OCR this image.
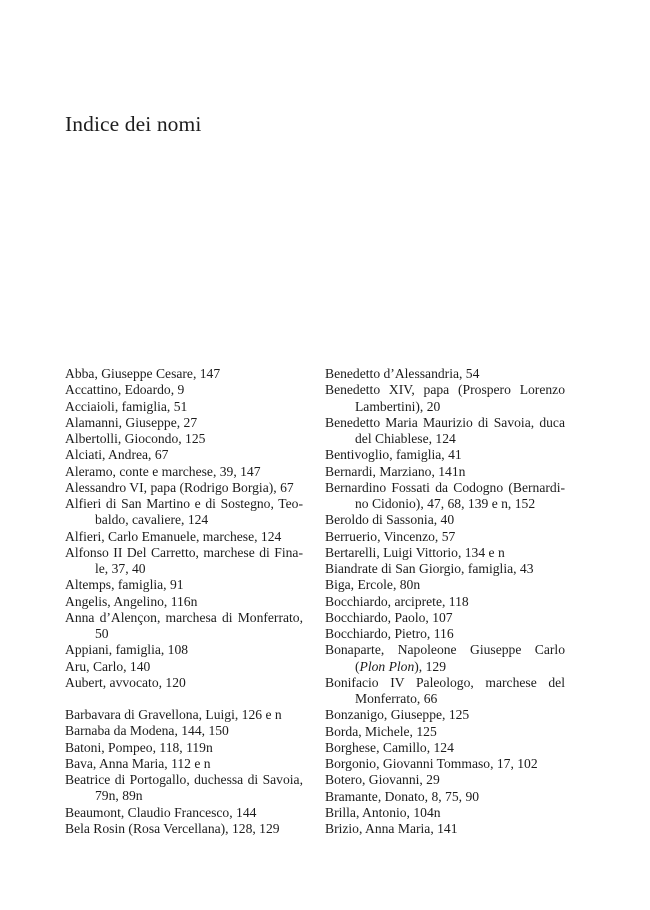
Indice dei nomi
Abba, Giuseppe Cesare, 147
Accattino, Edoardo, 9
Acciaioli, famiglia, 51
Alamanni, Giuseppe, 27
Albertolli, Giocondo, 125
Alciati, Andrea, 67
Aleramo, conte e marchese, 39, 147
Alessandro VI, papa (Rodrigo Borgia), 67
Alfieri di San Martino e di Sostegno, Teo-baldo, cavaliere, 124
Alfieri, Carlo Emanuele, marchese, 124
Alfonso II Del Carretto, marchese di Fina-le, 37, 40
Altemps, famiglia, 91
Angelis, Angelino, 116n
Anna d’Alençon, marchesa di Monferrato, 50
Appiani, famiglia, 108
Aru, Carlo, 140
Aubert, avvocato, 120
Barbavara di Gravellona, Luigi, 126 e n
Barnaba da Modena, 144, 150
Batoni, Pompeo, 118, 119n
Bava, Anna Maria, 112 e n
Beatrice di Portogallo, duchessa di Savoia, 79n, 89n
Beaumont, Claudio Francesco, 144
Bela Rosin (Rosa Vercellana), 128, 129
Benedetto d’Alessandria, 54
Benedetto XIV, papa (Prospero Lorenzo Lambertini), 20
Benedetto Maria Maurizio di Savoia, duca del Chiablese, 124
Bentivoglio, famiglia, 41
Bernardi, Marziano, 141n
Bernardino Fossati da Codogno (Bernardi-no Cidonio), 47, 68, 139 e n, 152
Beroldo di Sassonia, 40
Berruerio, Vincenzo, 57
Bertarelli, Luigi Vittorio, 134 e n
Biandrate di San Giorgio, famiglia, 43
Biga, Ercole, 80n
Bocchiardo, arciprete, 118
Bocchiardo, Paolo, 107
Bocchiardo, Pietro, 116
Bonaparte, Napoleone Giuseppe Carlo (Plon Plon), 129
Bonifacio IV Paleologo, marchese del Monferrato, 66
Bonzanigo, Giuseppe, 125
Borda, Michele, 125
Borghese, Camillo, 124
Borgonio, Giovanni Tommaso, 17, 102
Botero, Giovanni, 29
Bramante, Donato, 8, 75, 90
Brilla, Antonio, 104n
Brizio, Anna Maria, 141
